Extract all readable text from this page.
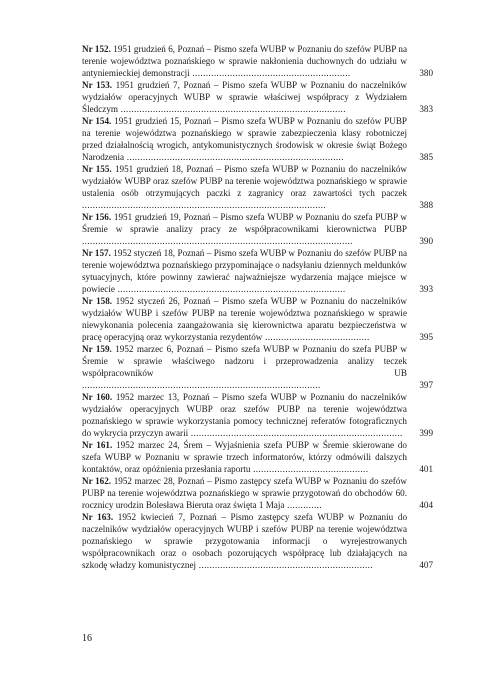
Nr 152. 1951 grudzień 6, Poznań – Pismo szefa WUBP w Poznaniu do szefów PUBP na terenie województwa poznańskiego w sprawie nakłonienia duchownych do udziału w antyniemieckiej demonstracji ...........................................................	380

Nr 153. 1951 grudzień 7, Poznań – Pismo szefa WUBP w Poznaniu do naczelników wydziałów operacyjnych WUBP w sprawie właściwej współpracy z Wydziałem Śledczym ....................................................................................	383

Nr 154. 1951 grudzień 15, Poznań – Pismo szefa WUBP w Poznaniu do szefów PUBP na terenie województwa poznańskiego w sprawie zabezpieczenia klasy robotniczej przed działalnością wrogich, antykomunistycznych środowisk w okresie świąt Bożego Narodzenia .................................................................................	385

Nr 155. 1951 grudzień 18, Poznań – Pismo szefa WUBP w Poznaniu do naczelników wydziałów WUBP oraz szefów PUBP na terenie województwa poznańskiego w sprawie ustalenia osób otrzymujących paczki z zagranicy oraz zawartości tych paczek ...........................................................................................	388

Nr 156. 1951 grudzień 19, Poznań – Pismo szefa WUBP w Poznaniu do szefa PUBP w Śremie w sprawie analizy pracy ze współpracownikami kierownictwa PUBP .....................................................................................................	390

Nr 157. 1952 styczeń 18, Poznań – Pismo szefa WUBP w Poznaniu do szefów PUBP na terenie województwa poznańskiego przypominające o nadsyłaniu dziennych meldunków sytuacyjnych, które powinny zawierać najważniejsze wydarzenia mające miejsce w powiecie .....................................................................................	393

Nr 158. 1952 styczeń 26, Poznań – Pismo szefa WUBP w Poznaniu do naczelników wydziałów WUBP i szefów PUBP na terenie województwa poznańskiego w sprawie niewykonania polecenia zaangażowania się kierownictwa aparatu bezpieczeństwa w pracę operacyjną oraz wykorzystania rezydentów .......................................	395

Nr 159. 1952 marzec 6, Poznań – Pismo szefa WUBP w Poznaniu do szefa PUBP w Śremie w sprawie właściwego nadzoru i przeprowadzenia analizy teczek współpracowników UB .........................................................................................	397

Nr 160. 1952 marzec 13, Poznań – Pismo szefa WUBP w Poznaniu do naczelników wydziałów operacyjnych WUBP oraz szefów PUBP na terenie województwa poznańskiego w sprawie wykorzystania pomocy technicznej referatów fotograficznych do wykrycia przyczyn awarii ...............................................................................	399

Nr 161. 1952 marzec 24, Śrem – Wyjaśnienia szefa PUBP w Śremie skierowane do szefa WUBP w Poznaniu w sprawie trzech informatorów, którzy odmówili dalszych kontaktów, oraz opóźnienia przesłania raportu ...........................................	401

Nr 162. 1952 marzec 28, Poznań – Pismo zastępcy szefa WUBP w Poznaniu do szefów PUBP na terenie województwa poznańskiego w sprawie przygotowań do obchodów 60. rocznicy urodzin Bolesława Bieruta oraz święta 1 Maja .............	404

Nr 163. 1952 kwiecień 7, Poznań – Pismo zastępcy szefa WUBP w Poznaniu do naczelników wydziałów operacyjnych WUBP i szefów PUBP na terenie województwa poznańskiego w sprawie przygotowania informacji o wyrejestrowanych współpracownikach oraz o osobach pozorujących współpracę lub działających na szkodę władzy komunistycznej .................................................................	407

16
